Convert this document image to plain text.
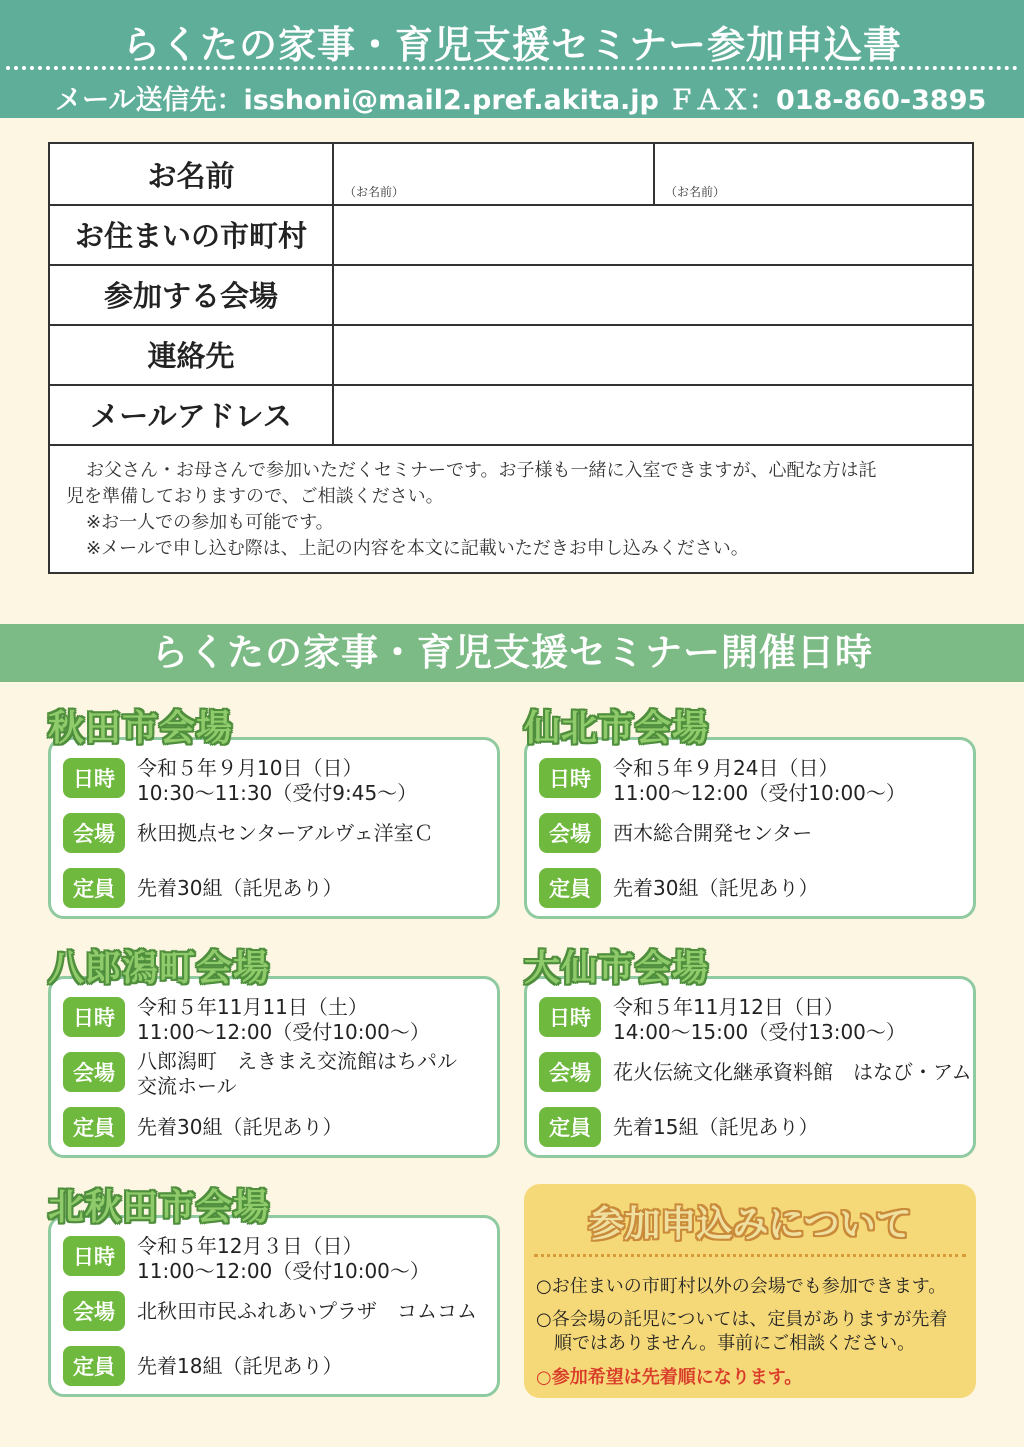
らくたの家事・育児支援セミナー参加申込書
メール送信先：isshoni@mail2.pref.akita.jp ＦＡＸ：018-860-3895
お名前	（お名前）	（お名前）
お住まいの市町村
参加する会場
連絡先
メールアドレス
お父さん・お母さんで参加いただくセミナーです。お子様も一緒に入室できますが、心配な方は託
児を準備しておりますので、ご相談ください。
※お一人での参加も可能です。
※メールで申し込む際は、上記の内容を本文に記載いただきお申し込みください。
らくたの家事・育児支援セミナー開催日時
日時	令和５年９月10日（日）
10:30～11:30（受付9:45～）
会場	秋田拠点センターアルヴェ洋室Ｃ
定員	先着30組（託児あり）
秋田市会場
日時	令和５年９月24日（日）
11:00～12:00（受付10:00～）
会場	西木総合開発センター
定員	先着30組（託児あり）
仙北市会場
日時	令和５年11月11日（土）
11:00～12:00（受付10:00～）
会場	八郎潟町　えきまえ交流館はちパル
交流ホール
定員	先着30組（託児あり）
八郎潟町会場
日時	令和５年11月12日（日）
14:00～15:00（受付13:00～）
会場	花火伝統文化継承資料館　はなび・アム
定員	先着15組（託児あり）
大仙市会場
日時	令和５年12月３日（日）
11:00～12:00（受付10:00～）
会場	北秋田市民ふれあいプラザ　コムコム
定員	先着18組（託児あり）
北秋田市会場	参加申込みについて
○お住まいの市町村以外の会場でも参加できます。
○各会場の託児については、定員がありますが先着
　順ではありません。事前にご相談ください。
○参加希望は先着順になります。
